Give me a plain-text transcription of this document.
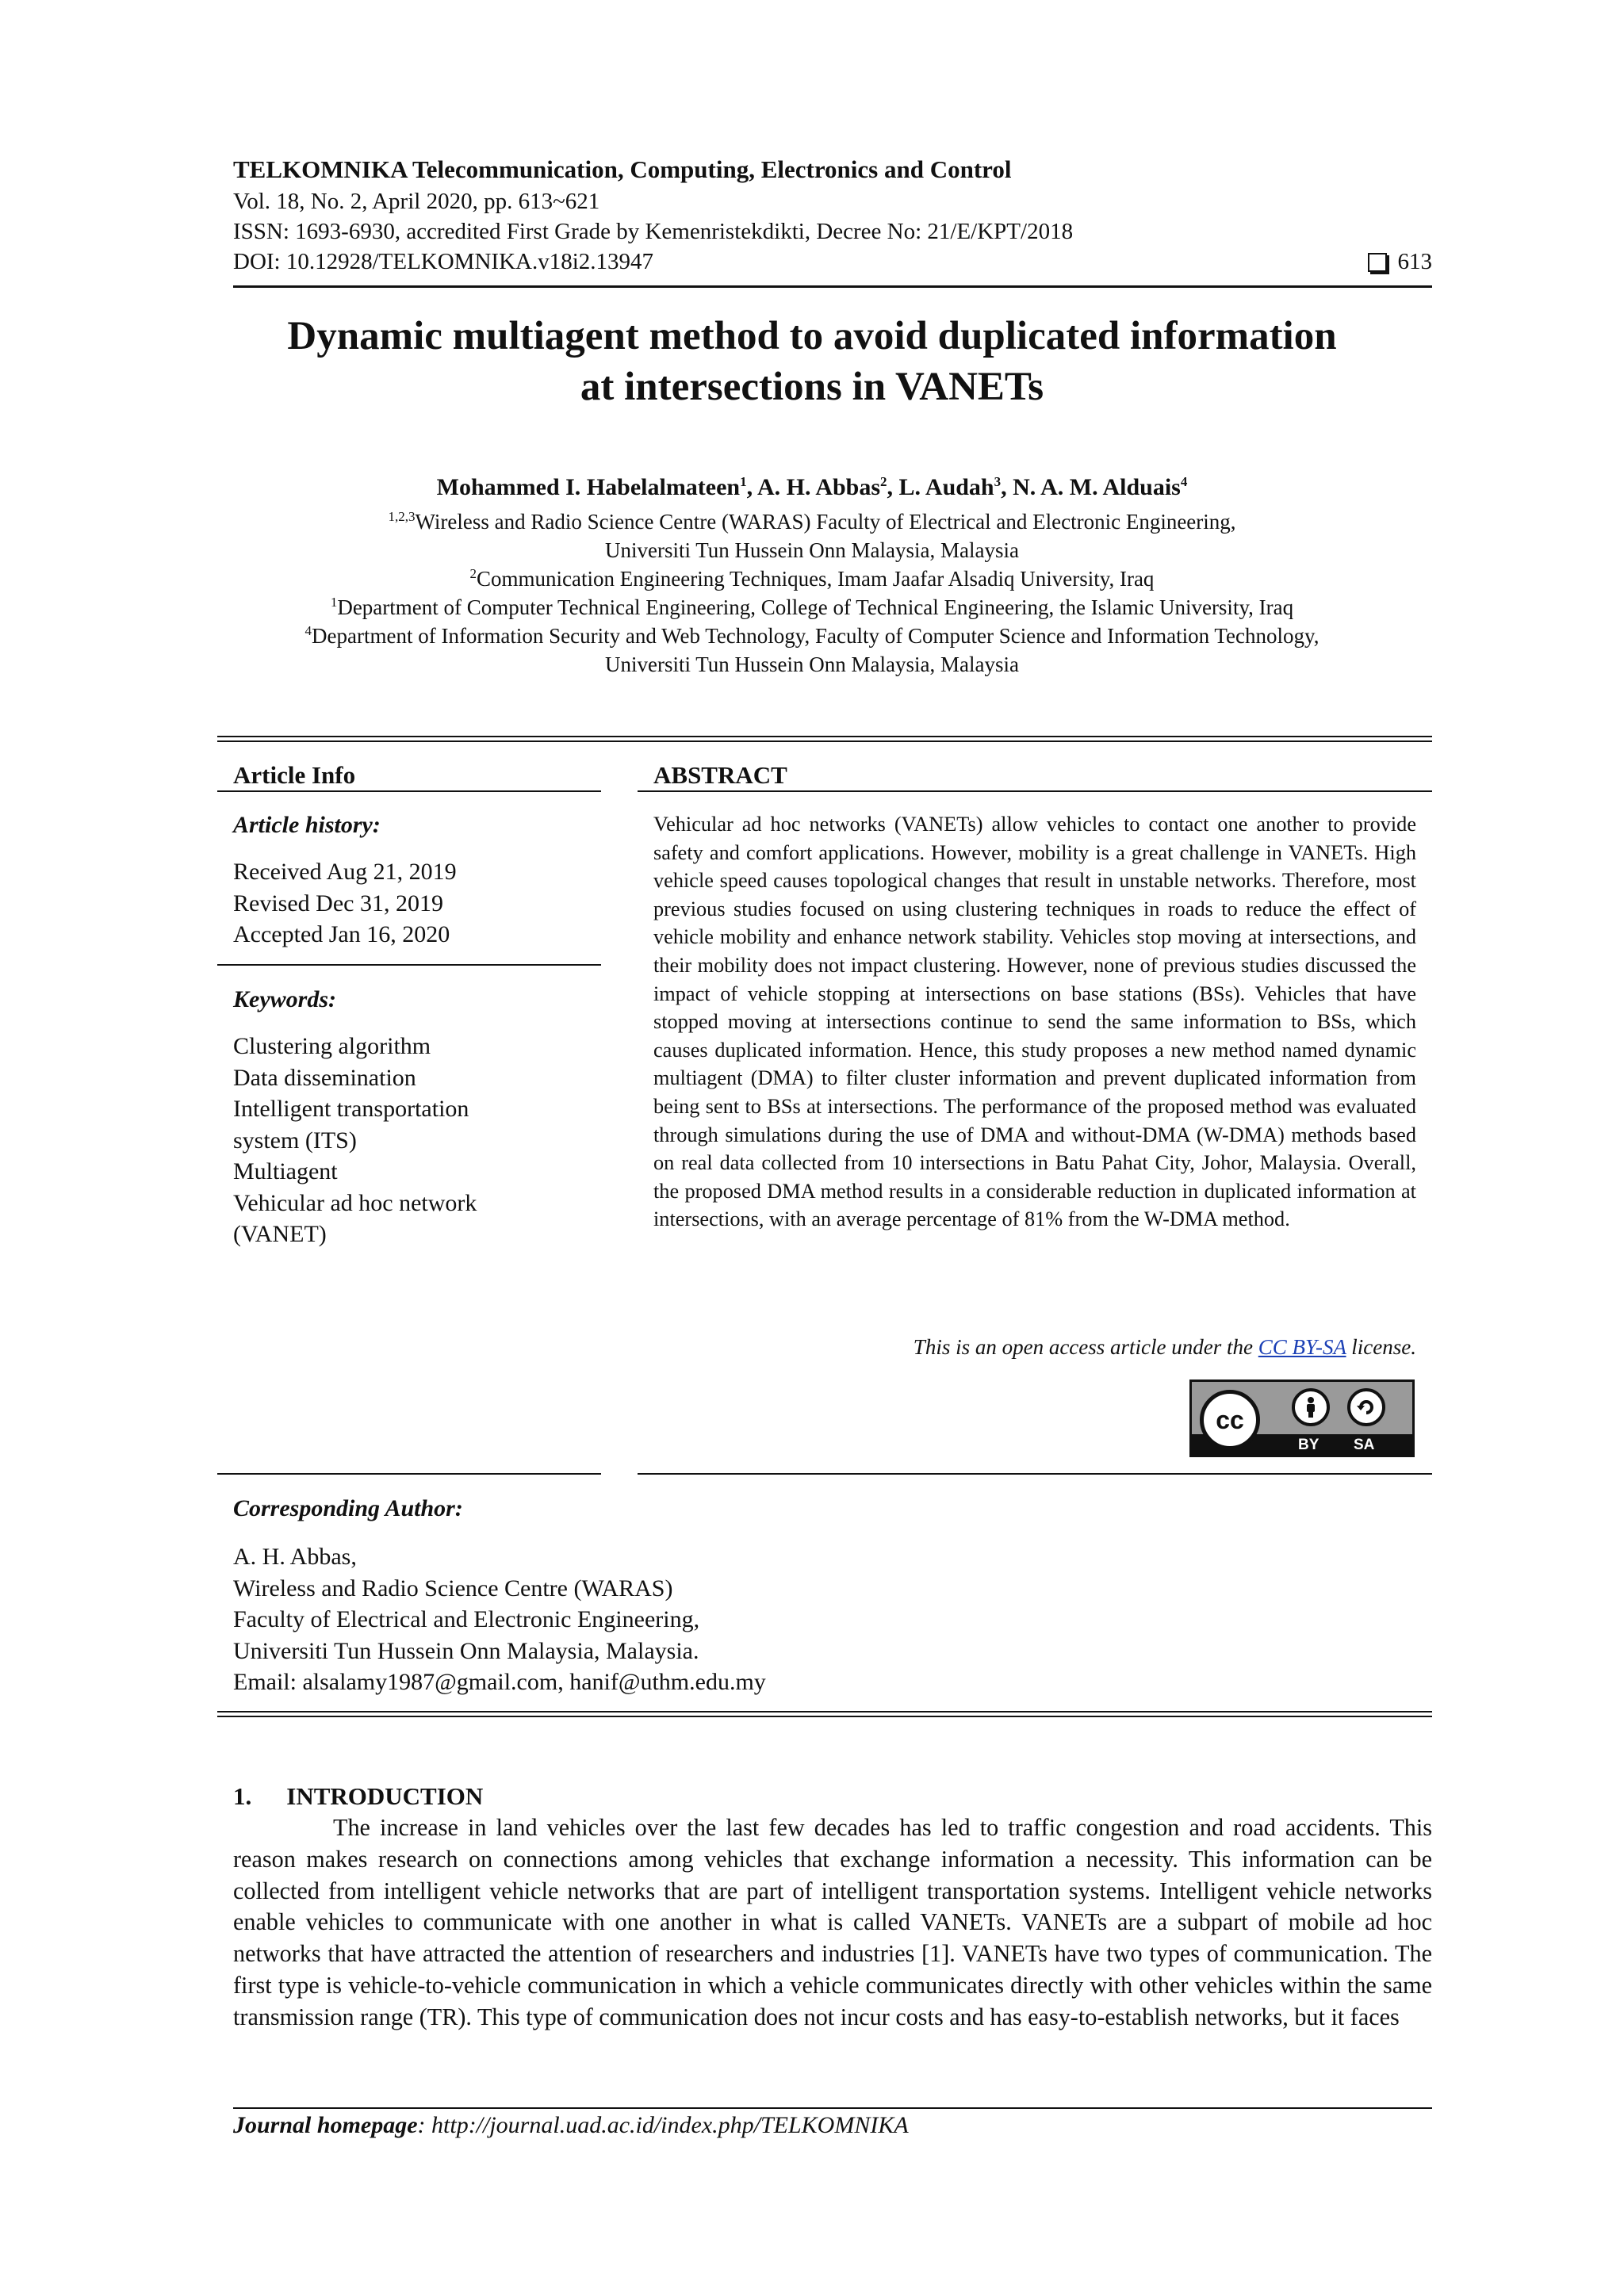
TELKOMNIKA Telecommunication, Computing, Electronics and Control
Vol. 18, No. 2, April 2020, pp. 613~621
ISSN: 1693-6930, accredited First Grade by Kemenristekdikti, Decree No: 21/E/KPT/2018
DOI: 10.12928/TELKOMNIKA.v18i2.13947	613
Dynamic multiagent method to avoid duplicated information
at intersections in VANETs
Mohammed I. Habelalmateen$^1$, A. H. Abbas$^2$, L. Audah$^3$, N. A. M. Alduais$^4$
$^{1,2,3}$Wireless and Radio Science Centre (WARAS) Faculty of Electrical and Electronic Engineering,
Universiti Tun Hussein Onn Malaysia, Malaysia
$^2$Communication Engineering Techniques, Imam Jaafar Alsadiq University, Iraq
$^1$Department of Computer Technical Engineering, College of Technical Engineering, the Islamic University, Iraq
$^4$Department of Information Security and Web Technology, Faculty of Computer Science and Information Technology,
Universiti Tun Hussein Onn Malaysia, Malaysia
Article Info
Article history:
Received Aug 21, 2019
Revised Dec 31, 2019
Accepted Jan 16, 2020
Keywords:
Clustering algorithm
Data dissemination
Intelligent transportation
system (ITS)
Multiagent
Vehicular ad hoc network
(VANET)
ABSTRACT
Vehicular ad hoc networks (VANETs) allow vehicles to contact one another to provide safety and comfort applications. However, mobility is a great challenge in VANETs. High vehicle speed causes topological changes that result in unstable networks. Therefore, most previous studies focused on using clustering techniques in roads to reduce the effect of vehicle mobility and enhance network stability. Vehicles stop moving at intersections, and their mobility does not impact clustering. However, none of previous studies discussed the impact of vehicle stopping at intersections on base stations (BSs). Vehicles that have stopped moving at intersections continue to send the same information to BSs, which causes duplicated information. Hence, this study proposes a new method named dynamic multiagent (DMA) to filter cluster information and prevent duplicated information from being sent to BSs at intersections. The performance of the proposed method was evaluated through simulations during the use of DMA and without-DMA (W-DMA) methods based on real data collected from 10 intersections in Batu Pahat City, Johor, Malaysia. Overall, the proposed DMA method results in a considerable reduction in duplicated information at intersections, with an average percentage of 81% from the W-DMA method.
This is an open access article under the CC BY-SA license.
cc
BY SA
Corresponding Author:
A. H. Abbas,
Wireless and Radio Science Centre (WARAS)
Faculty of Electrical and Electronic Engineering,
Universiti Tun Hussein Onn Malaysia, Malaysia.
Email: alsalamy1987@gmail.com, hanif@uthm.edu.my
1. INTRODUCTION
The increase in land vehicles over the last few decades has led to traffic congestion and road accidents. This reason makes research on connections among vehicles that exchange information a necessity. This information can be collected from intelligent vehicle networks that are part of intelligent transportation systems. Intelligent vehicle networks enable vehicles to communicate with one another in what is called VANETs. VANETs are a subpart of mobile ad hoc networks that have attracted the attention of researchers and industries [1]. VANETs have two types of communication. The first type is vehicle-to-vehicle communication in which a vehicle communicates directly with other vehicles within the same transmission range (TR). This type of communication does not incur costs and has easy-to-establish networks, but it faces
Journal homepage: http://journal.uad.ac.id/index.php/TELKOMNIKA
